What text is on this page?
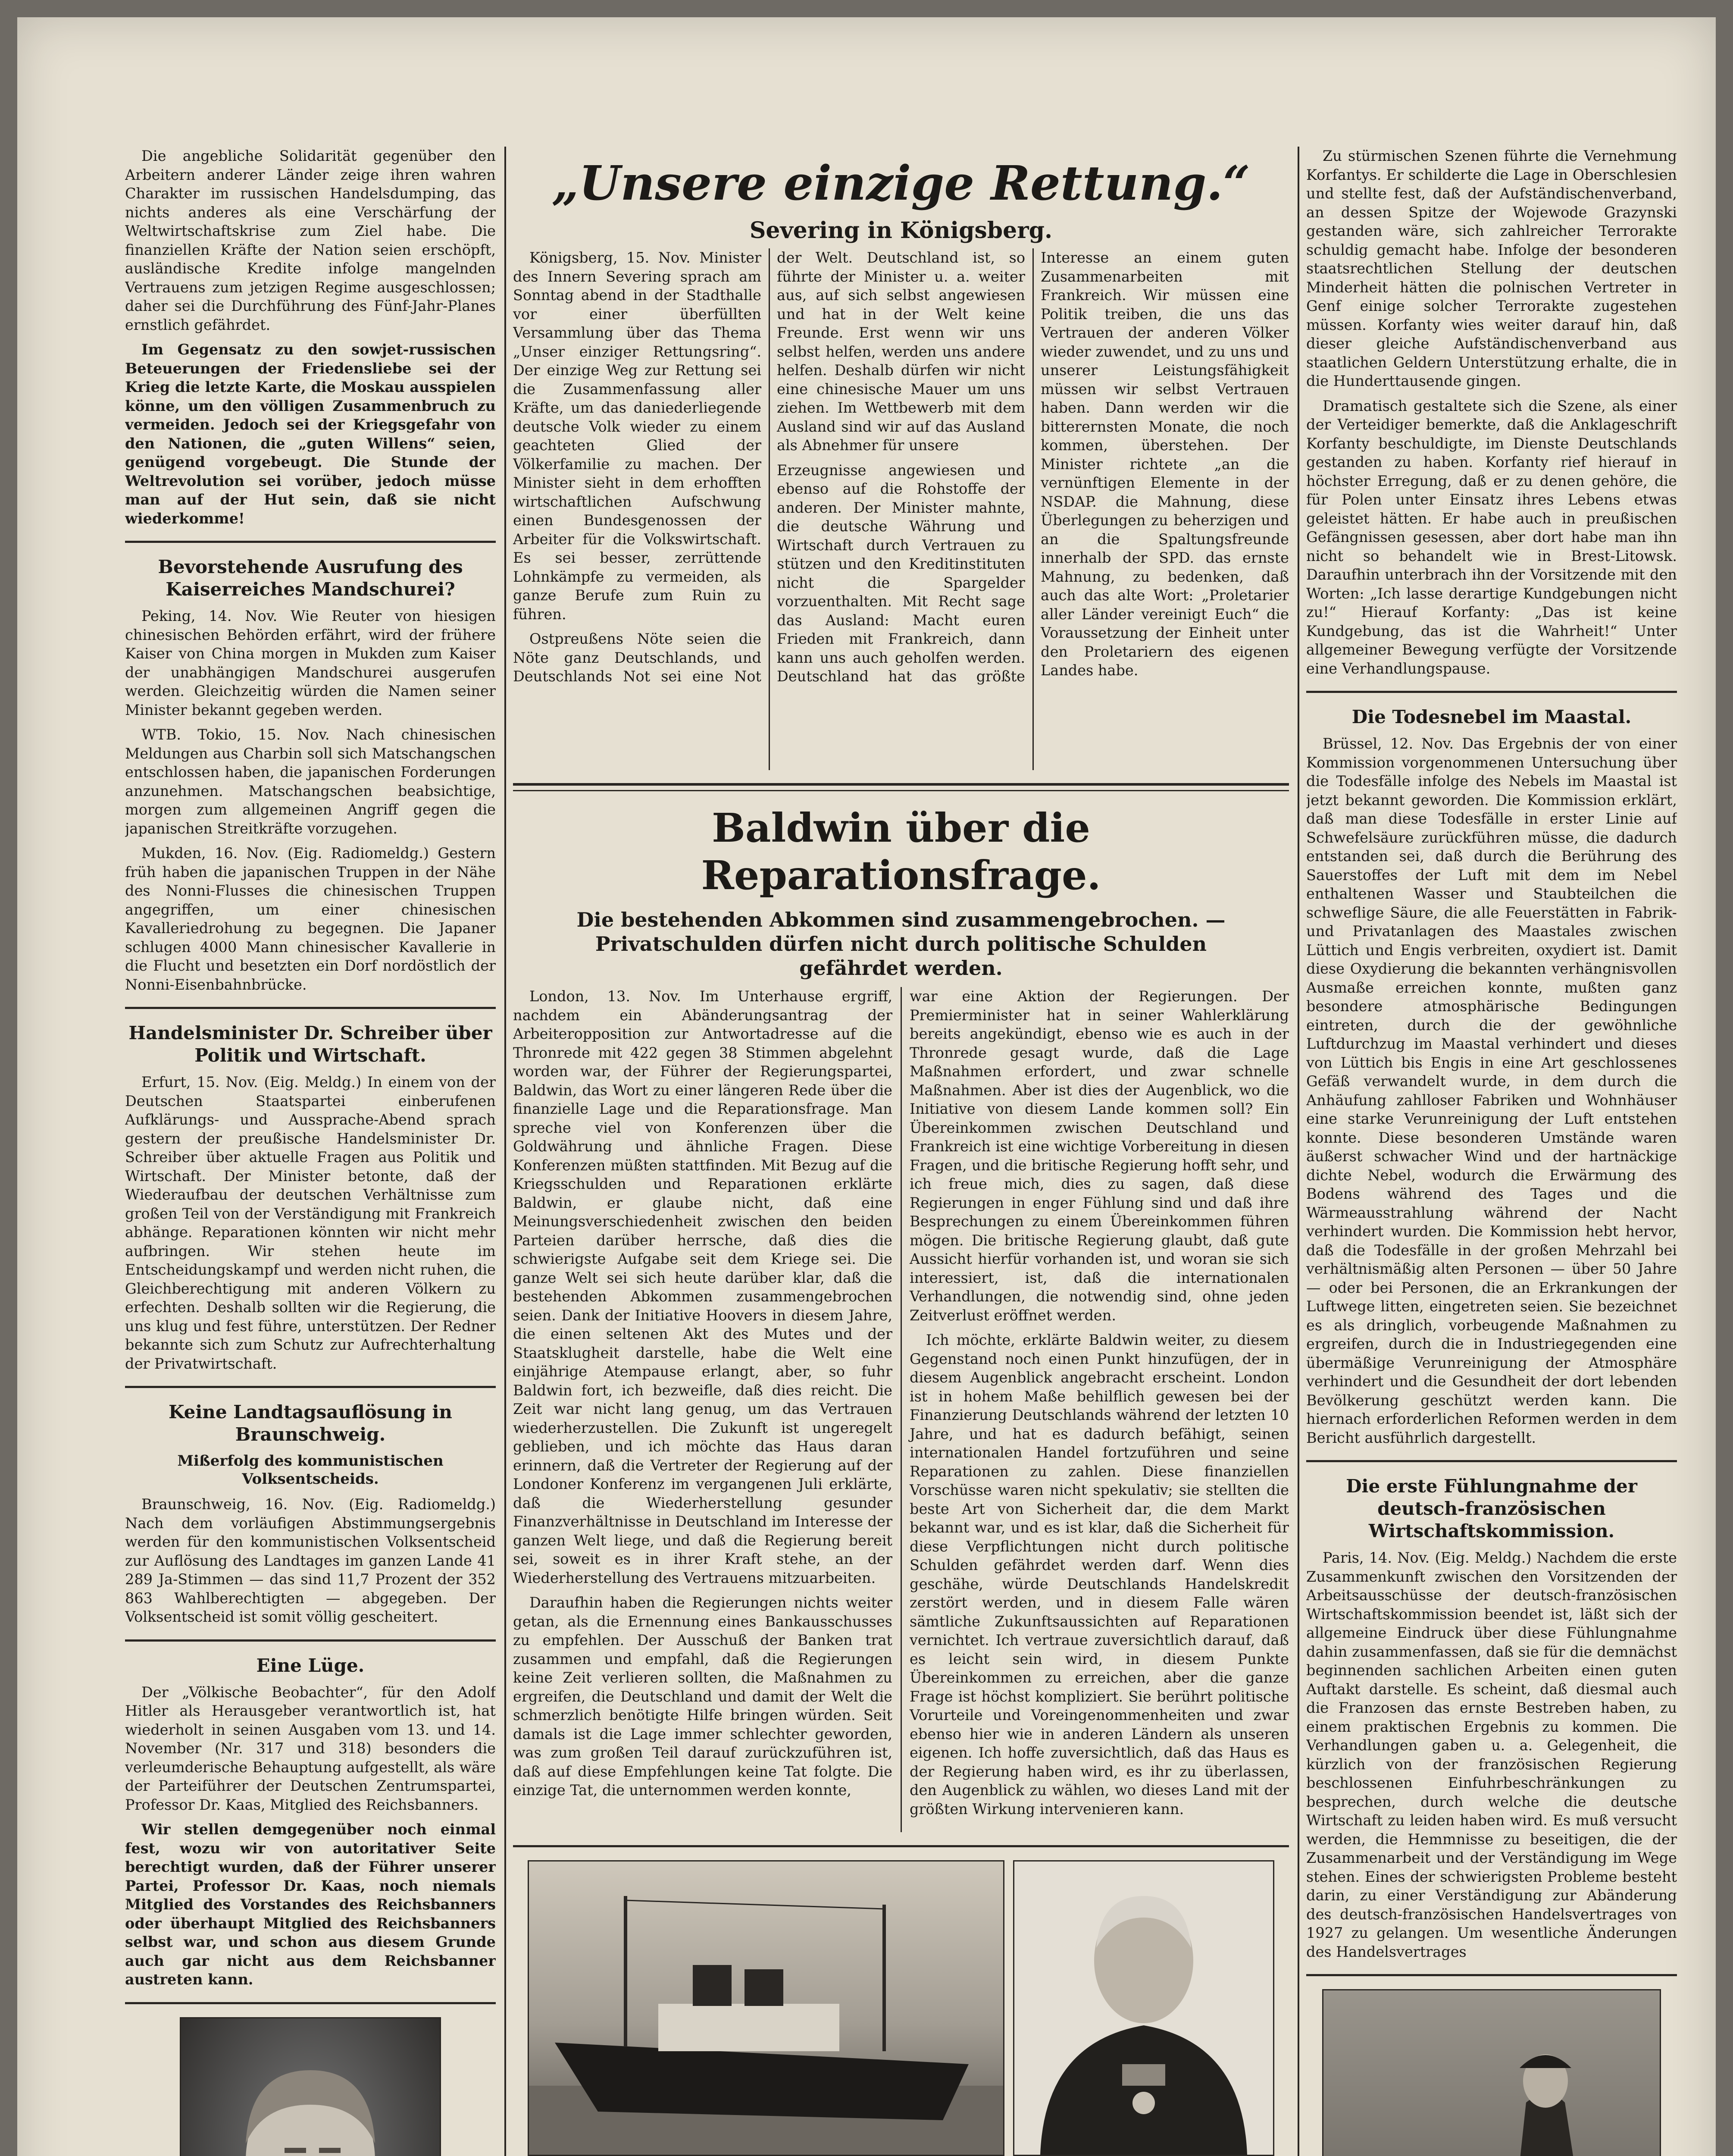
Die angebliche Solidarität gegenüber den Arbeitern anderer Länder zeige ihren wahren Charakter im russischen Handelsdumping, das nichts anderes als eine Verschärfung der Weltwirtschaftskrise zum Ziel habe. Die finanziellen Kräfte der Nation seien erschöpft, ausländische Kredite infolge mangelnden Vertrauens zum jetzigen Regime ausgeschlossen; daher sei die Durchführung des Fünf-Jahr-Planes ernstlich gefährdet.

Im Gegensatz zu den sowjet-russischen Beteuerungen der Friedensliebe sei der Krieg die letzte Karte, die Moskau ausspielen könne, um den völligen Zusammenbruch zu vermeiden. Jedoch sei der Kriegsgefahr von den Nationen, die „guten Willens“ seien, genügend vorgebeugt. Die Stunde der Weltrevolution sei vorüber, jedoch müsse man auf der Hut sein, daß sie nicht wiederkomme!

Bevorstehende Ausrufung des Kaiserreiches Mandschurei?

Peking, 14. Nov. Wie Reuter von hiesigen chinesischen Behörden erfährt, wird der frühere Kaiser von China morgen in Mukden zum Kaiser der unabhängigen Mandschurei ausgerufen werden. Gleichzeitig würden die Namen seiner Minister bekannt gegeben werden.

WTB. Tokio, 15. Nov. Nach chinesischen Meldungen aus Charbin soll sich Matschangschen entschlossen haben, die japanischen Forderungen anzunehmen. Matschangschen beabsichtige, morgen zum allgemeinen Angriff gegen die japanischen Streitkräfte vorzugehen.

Mukden, 16. Nov. (Eig. Radiomeldg.) Gestern früh haben die japanischen Truppen in der Nähe des Nonni-Flusses die chinesischen Truppen angegriffen, um einer chinesischen Kavalleriedrohung zu begegnen. Die Japaner schlugen 4000 Mann chinesischer Kavallerie in die Flucht und besetzten ein Dorf nordöstlich der Nonni-Eisenbahnbrücke.

Handelsminister Dr. Schreiber über Politik und Wirtschaft.

Erfurt, 15. Nov. (Eig. Meldg.) In einem von der Deutschen Staatspartei einberufenen Aufklärungs- und Aussprache-Abend sprach gestern der preußische Handelsminister Dr. Schreiber über aktuelle Fragen aus Politik und Wirtschaft. Der Minister betonte, daß der Wiederaufbau der deutschen Verhältnisse zum großen Teil von der Verständigung mit Frankreich abhänge. Reparationen könnten wir nicht mehr aufbringen. Wir stehen heute im Entscheidungskampf und werden nicht ruhen, die Gleichberechtigung mit anderen Völkern zu erfechten. Deshalb sollten wir die Regierung, die uns klug und fest führe, unterstützen. Der Redner bekannte sich zum Schutz zur Aufrechterhaltung der Privatwirtschaft.

Keine Landtagsauflösung in Braunschweig.
Mißerfolg des kommunistischen Volksentscheids.

Braunschweig, 16. Nov. (Eig. Radiomeldg.) Nach dem vorläufigen Abstimmungsergebnis werden für den kommunistischen Volksentscheid zur Auflösung des Landtages im ganzen Lande 41 289 Ja-Stimmen — das sind 11,7 Prozent der 352 863 Wahlberechtigten — abgegeben. Der Volksentscheid ist somit völlig gescheitert.

Eine Lüge.

Der „Völkische Beobachter“, für den Adolf Hitler als Herausgeber verantwortlich ist, hat wiederholt in seinen Ausgaben vom 13. und 14. November (Nr. 317 und 318) besonders die verleumderische Behauptung aufgestellt, als wäre der Parteiführer der Deutschen Zentrumspartei, Professor Dr. Kaas, Mitglied des Reichsbanners.

Wir stellen demgegenüber noch einmal fest, wozu wir von autoritativer Seite berechtigt wurden, daß der Führer unserer Partei, Professor Dr. Kaas, noch niemals Mitglied des Vorstandes des Reichsbanners oder überhaupt Mitglied des Reichsbanners selbst war, und schon aus diesem Grunde auch gar nicht aus dem Reichsbanner austreten kann.

„Unsere einzige Rettung.“
Severing in Königsberg.

Königsberg, 15. Nov. Minister des Innern Severing sprach am Sonntag abend in der Stadthalle vor einer überfüllten Versammlung über das Thema „Unser einziger Rettungsring“. Der einzige Weg zur Rettung sei die Zusammenfassung aller Kräfte, um das daniederliegende deutsche Volk wieder zu einem geachteten Glied der Völkerfamilie zu machen. Der Minister sieht in dem erhofften wirtschaftlichen Aufschwung einen Bundesgenossen der Arbeiter für die Volkswirtschaft. Es sei besser, zerrüttende Lohnkämpfe zu vermeiden, als ganze Berufe zum Ruin zu führen.

Ostpreußens Nöte seien die Nöte ganz Deutschlands, und Deutschlands Not sei eine Not der Welt. Deutschland ist, so führte der Minister u. a. weiter aus, auf sich selbst angewiesen und hat in der Welt keine Freunde. Erst wenn wir uns selbst helfen, werden uns andere helfen. Deshalb dürfen wir nicht eine chinesische Mauer um uns ziehen. Im Wettbewerb mit dem Ausland sind wir auf das Ausland als Abnehmer für unsere

Erzeugnisse angewiesen und ebenso auf die Rohstoffe der anderen. Der Minister mahnte, die deutsche Währung und Wirtschaft durch Vertrauen zu stützen und den Kreditinstituten nicht die Spargelder vorzuenthalten. Mit Recht sage das Ausland: Macht euren Frieden mit Frankreich, dann kann uns auch geholfen werden. Deutschland hat das größte Interesse an einem guten Zusammenarbeiten mit Frankreich. Wir müssen eine Politik treiben, die uns das Vertrauen der anderen Völker wieder zuwendet, und zu uns und unserer Leistungsfähigkeit müssen wir selbst Vertrauen haben. Dann werden wir die bitterernsten Monate, die noch kommen, überstehen. Der Minister richtete „an die vernünftigen Elemente in der NSDAP. die Mahnung, diese Überlegungen zu beherzigen und an die Spaltungsfreunde innerhalb der SPD. das ernste Mahnung, zu bedenken, daß auch das alte Wort: „Proletarier aller Länder vereinigt Euch“ die Voraussetzung der Einheit unter den Proletariern des eigenen Landes habe.

Baldwin über die Reparationsfrage.
Die bestehenden Abkommen sind zusammengebrochen. — Privatschulden dürfen nicht durch politische Schulden gefährdet werden.

London, 13. Nov. Im Unterhause ergriff, nachdem ein Abänderungsantrag der Arbeiteropposition zur Antwortadresse auf die Thronrede mit 422 gegen 38 Stimmen abgelehnt worden war, der Führer der Regierungspartei, Baldwin, das Wort zu einer längeren Rede über die finanzielle Lage und die Reparationsfrage. Man spreche viel von Konferenzen über die Goldwährung und ähnliche Fragen. Diese Konferenzen müßten stattfinden. Mit Bezug auf die Kriegsschulden und Reparationen erklärte Baldwin, er glaube nicht, daß eine Meinungsverschiedenheit zwischen den beiden Parteien darüber herrsche, daß dies die schwierigste Aufgabe seit dem Kriege sei. Die ganze Welt sei sich heute darüber klar, daß die bestehenden Abkommen zusammengebrochen seien. Dank der Initiative Hoovers in diesem Jahre, die einen seltenen Akt des Mutes und der Staatsklugheit darstelle, habe die Welt eine einjährige Atempause erlangt, aber, so fuhr Baldwin fort, ich bezweifle, daß dies reicht. Die Zeit war nicht lang genug, um das Vertrauen wiederherzustellen. Die Zukunft ist ungeregelt geblieben, und ich möchte das Haus daran erinnern, daß die Vertreter der Regierung auf der Londoner Konferenz im vergangenen Juli erklärte, daß die Wiederherstellung gesunder Finanzverhältnisse in Deutschland im Interesse der ganzen Welt liege, und daß die Regierung bereit sei, soweit es in ihrer Kraft stehe, an der Wiederherstellung des Vertrauens mitzuarbeiten.

Daraufhin haben die Regierungen nichts weiter getan, als die Ernennung eines Bankausschusses zu empfehlen. Der Ausschuß der Banken trat zusammen und empfahl, daß die Regierungen keine Zeit verlieren sollten, die Maßnahmen zu ergreifen, die Deutschland und damit der Welt die schmerzlich benötigte Hilfe bringen würden. Seit damals ist die Lage immer schlechter geworden, was zum großen Teil darauf zurückzuführen ist, daß auf diese Empfehlungen keine Tat folgte. Die einzige Tat, die unternommen werden konnte,

war eine Aktion der Regierungen. Der Premierminister hat in seiner Wahlerklärung bereits angekündigt, ebenso wie es auch in der Thronrede gesagt wurde, daß die Lage Maßnahmen erfordert, und zwar schnelle Maßnahmen. Aber ist dies der Augenblick, wo die Initiative von diesem Lande kommen soll? Ein Übereinkommen zwischen Deutschland und Frankreich ist eine wichtige Vorbereitung in diesen Fragen, und die britische Regierung hofft sehr, und ich freue mich, dies zu sagen, daß diese Regierungen in enger Fühlung sind und daß ihre Besprechungen zu einem Übereinkommen führen mögen. Die britische Regierung glaubt, daß gute Aussicht hierfür vorhanden ist, und woran sie sich interessiert, ist, daß die internationalen Verhandlungen, die notwendig sind, ohne jeden Zeitverlust eröffnet werden.

Ich möchte, erklärte Baldwin weiter, zu diesem Gegenstand noch einen Punkt hinzufügen, der in diesem Augenblick angebracht erscheint. London ist in hohem Maße behilflich gewesen bei der Finanzierung Deutschlands während der letzten 10 Jahre, und hat es dadurch befähigt, seinen internationalen Handel fortzuführen und seine Reparationen zu zahlen. Diese finanziellen Vorschüsse waren nicht spekulativ; sie stellten die beste Art von Sicherheit dar, die dem Markt bekannt war, und es ist klar, daß die Sicherheit für diese Verpflichtungen nicht durch politische Schulden gefährdet werden darf. Wenn dies geschähe, würde Deutschlands Handelskredit zerstört werden, und in diesem Falle wären sämtliche Zukunftsaussichten auf Reparationen vernichtet. Ich vertraue zuversichtlich darauf, daß es leicht sein wird, in diesem Punkte Übereinkommen zu erreichen, aber die ganze Frage ist höchst kompliziert. Sie berührt politische Vorurteile und Voreingenommenheiten und zwar ebenso hier wie in anderen Ländern als unseren eigenen. Ich hoffe zuversichtlich, daß das Haus es der Regierung haben wird, es ihr zu überlassen, den Augenblick zu wählen, wo dieses Land mit der größten Wirkung intervenieren kann.

Zu stürmischen Szenen führte die Vernehmung Korfantys. Er schilderte die Lage in Oberschlesien und stellte fest, daß der Aufständischenverband, an dessen Spitze der Wojewode Grazynski gestanden wäre, sich zahlreicher Terrorakte schuldig gemacht habe. Infolge der besonderen staatsrechtlichen Stellung der deutschen Minderheit hätten die polnischen Vertreter in Genf einige solcher Terrorakte zugestehen müssen. Korfanty wies weiter darauf hin, daß dieser gleiche Aufständischenverband aus staatlichen Geldern Unterstützung erhalte, die in die Hunderttausende gingen.

Dramatisch gestaltete sich die Szene, als einer der Verteidiger bemerkte, daß die Anklageschrift Korfanty beschuldigte, im Dienste Deutschlands gestanden zu haben. Korfanty rief hierauf in höchster Erregung, daß er zu denen gehöre, die für Polen unter Einsatz ihres Lebens etwas geleistet hätten. Er habe auch in preußischen Gefängnissen gesessen, aber dort habe man ihn nicht so behandelt wie in Brest-Litowsk. Daraufhin unterbrach ihn der Vorsitzende mit den Worten: „Ich lasse derartige Kundgebungen nicht zu!“ Hierauf Korfanty: „Das ist keine Kundgebung, das ist die Wahrheit!“ Unter allgemeiner Bewegung verfügte der Vorsitzende eine Verhandlungspause.

Die Todesnebel im Maastal.

Brüssel, 12. Nov. Das Ergebnis der von einer Kommission vorgenommenen Untersuchung über die Todesfälle infolge des Nebels im Maastal ist jetzt bekannt geworden. Die Kommission erklärt, daß man diese Todesfälle in erster Linie auf Schwefelsäure zurückführen müsse, die dadurch entstanden sei, daß durch die Berührung des Sauerstoffes der Luft mit dem im Nebel enthaltenen Wasser und Staubteilchen die schweflige Säure, die alle Feuerstätten in Fabrik- und Privatanlagen des Maastales zwischen Lüttich und Engis verbreiten, oxydiert ist. Damit diese Oxydierung die bekannten verhängnisvollen Ausmaße erreichen konnte, mußten ganz besondere atmosphärische Bedingungen eintreten, durch die der gewöhnliche Luftdurchzug im Maastal verhindert und dieses von Lüttich bis Engis in eine Art geschlossenes Gefäß verwandelt wurde, in dem durch die Anhäufung zahlloser Fabriken und Wohnhäuser eine starke Verunreinigung der Luft entstehen konnte. Diese besonderen Umstände waren äußerst schwacher Wind und der hartnäckige dichte Nebel, wodurch die Erwärmung des Bodens während des Tages und die Wärmeausstrahlung während der Nacht verhindert wurden. Die Kommission hebt hervor, daß die Todesfälle in der großen Mehrzahl bei verhältnismäßig alten Personen — über 50 Jahre — oder bei Personen, die an Erkrankungen der Luftwege litten, eingetreten seien. Sie bezeichnet es als dringlich, vorbeugende Maßnahmen zu ergreifen, durch die in Industriegegenden eine übermäßige Verunreinigung der Atmosphäre verhindert und die Gesundheit der dort lebenden Bevölkerung geschützt werden kann. Die hiernach erforderlichen Reformen werden in dem Bericht ausführlich dargestellt.

Die erste Fühlungnahme der deutsch-französischen Wirtschaftskommission.

Paris, 14. Nov. (Eig. Meldg.) Nachdem die erste Zusammenkunft zwischen den Vorsitzenden der Arbeitsausschüsse der deutsch-französischen Wirtschaftskommission beendet ist, läßt sich der allgemeine Eindruck über diese Fühlungnahme dahin zusammenfassen, daß sie für die demnächst beginnenden sachlichen Arbeiten einen guten Auftakt darstelle. Es scheint, daß diesmal auch die Franzosen das ernste Bestreben haben, zu einem praktischen Ergebnis zu kommen. Die Verhandlungen gaben u. a. Gelegenheit, die kürzlich von der französischen Regierung beschlossenen Einfuhrbeschränkungen zu besprechen, durch welche die deutsche Wirtschaft zu leiden haben wird. Es muß versucht werden, die Hemmnisse zu beseitigen, die der Zusammenarbeit und der Verständigung im Wege stehen. Eines der schwierigsten Probleme besteht darin, zu einer Verständigung zur Abänderung des deutsch-französischen Handelsvertrages von 1927 zu gelangen. Um wesentliche Änderungen des Handelsvertrages
